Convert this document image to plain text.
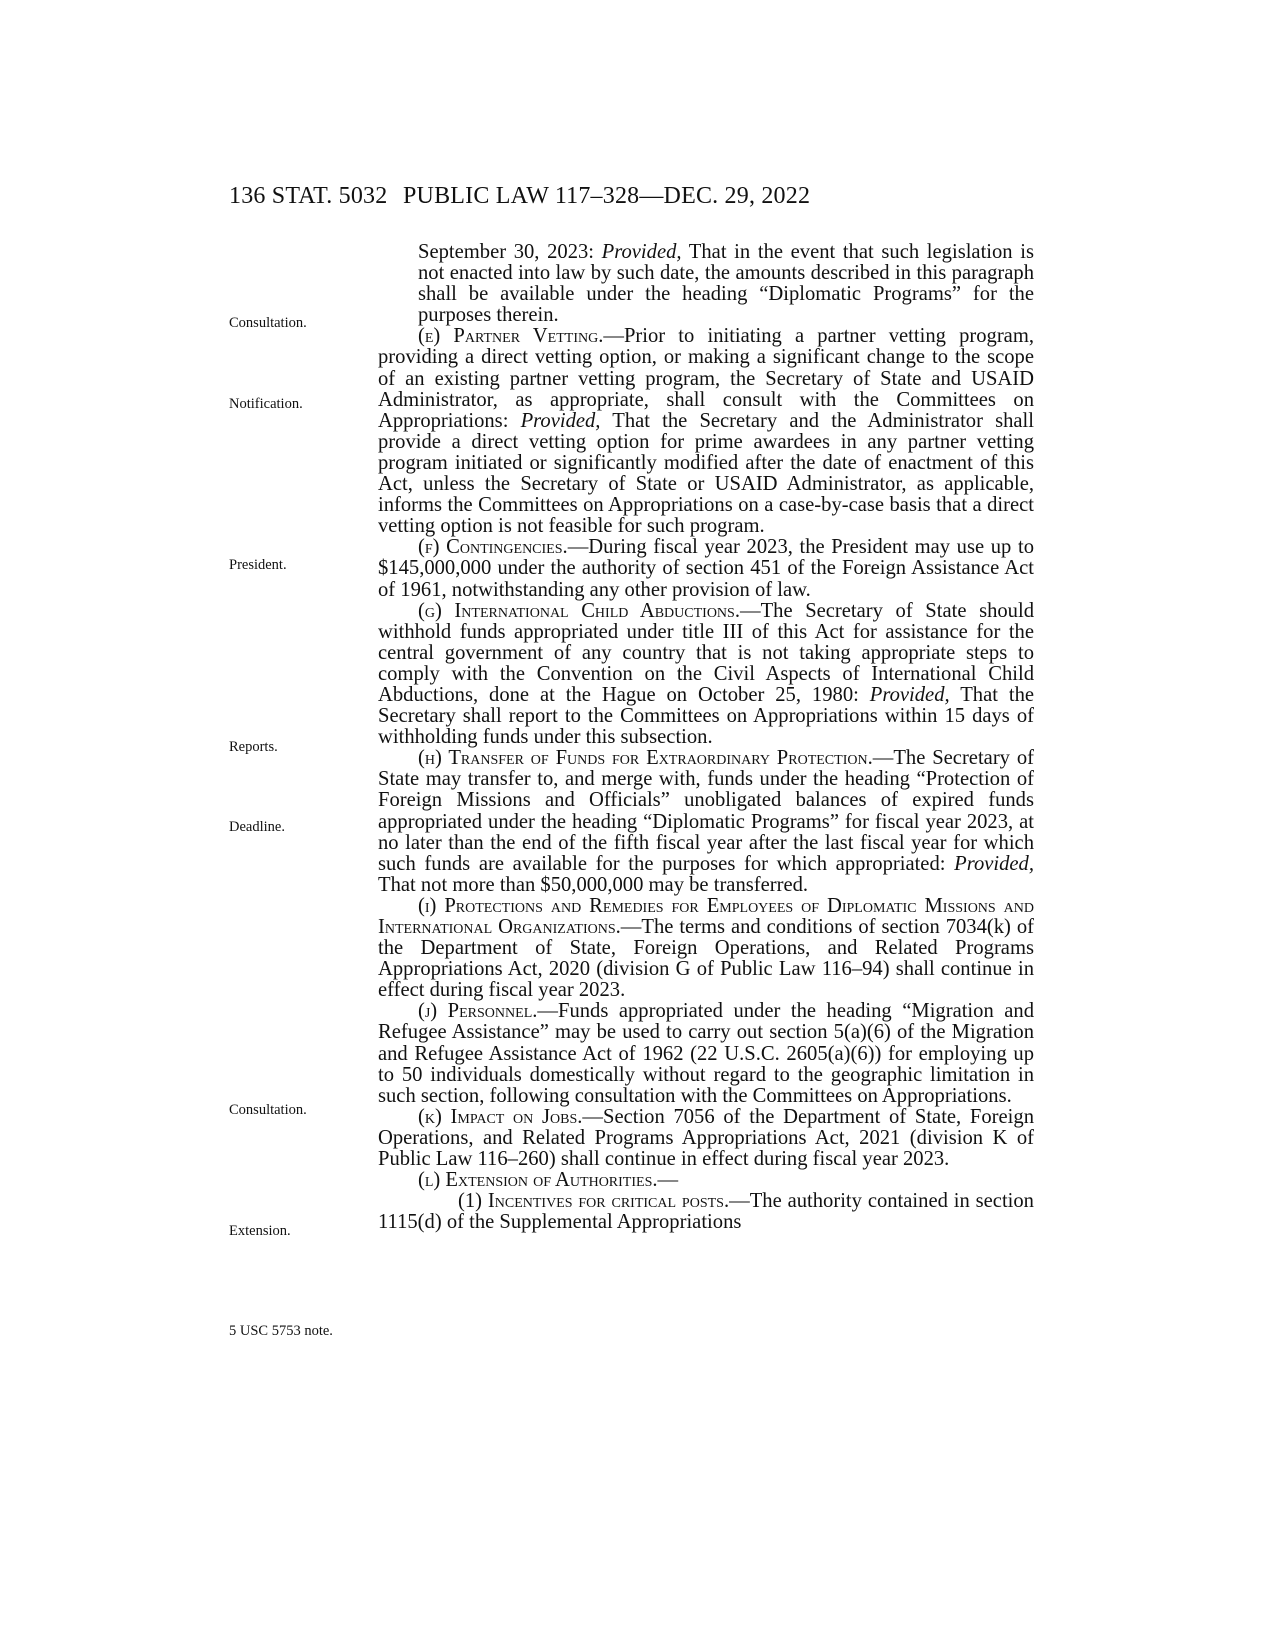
136 STAT. 5032 PUBLIC LAW 117–328—DEC. 29, 2022
Consultation.
Notification.
President.
Reports.
Deadline.
Consultation.
Extension.
5 USC 5753 note.

September 30, 2023: Provided, That in the event that such legislation is not enacted into law by such date, the amounts described in this paragraph shall be available under the heading “Diplomatic Programs” for the purposes therein.

(e) Partner Vetting.—Prior to initiating a partner vetting program, providing a direct vetting option, or making a significant change to the scope of an existing partner vetting program, the Secretary of State and USAID Administrator, as appropriate, shall consult with the Committees on Appropriations: Provided, That the Secretary and the Administrator shall provide a direct vetting option for prime awardees in any partner vetting program initiated or significantly modified after the date of enactment of this Act, unless the Secretary of State or USAID Administrator, as applicable, informs the Committees on Appropriations on a case-by-case basis that a direct vetting option is not feasible for such program.

(f) Contingencies.—During fiscal year 2023, the President may use up to $145,000,000 under the authority of section 451 of the Foreign Assistance Act of 1961, notwithstanding any other provision of law.

(g) International Child Abductions.—The Secretary of State should withhold funds appropriated under title III of this Act for assistance for the central government of any country that is not taking appropriate steps to comply with the Convention on the Civil Aspects of International Child Abductions, done at the Hague on October 25, 1980: Provided, That the Secretary shall report to the Committees on Appropriations within 15 days of withholding funds under this subsection.

(h) Transfer of Funds for Extraordinary Protection.—The Secretary of State may transfer to, and merge with, funds under the heading “Protection of Foreign Missions and Officials” unobligated balances of expired funds appropriated under the heading “Diplomatic Programs” for fiscal year 2023, at no later than the end of the fifth fiscal year after the last fiscal year for which such funds are available for the purposes for which appropriated: Provided, That not more than $50,000,000 may be transferred.

(i) Protections and Remedies for Employees of Diplomatic Missions and International Organizations.—The terms and conditions of section 7034(k) of the Department of State, Foreign Operations, and Related Programs Appropriations Act, 2020 (division G of Public Law 116–94) shall continue in effect during fiscal year 2023.

(j) Personnel.—Funds appropriated under the heading “Migration and Refugee Assistance” may be used to carry out section 5(a)(6) of the Migration and Refugee Assistance Act of 1962 (22 U.S.C. 2605(a)(6)) for employing up to 50 individuals domestically without regard to the geographic limitation in such section, following consultation with the Committees on Appropriations.

(k) Impact on Jobs.—Section 7056 of the Department of State, Foreign Operations, and Related Programs Appropriations Act, 2021 (division K of Public Law 116–260) shall continue in effect during fiscal year 2023.

(l) Extension of Authorities.—

(1) Incentives for critical posts.—The authority contained in section 1115(d) of the Supplemental Appropriations
